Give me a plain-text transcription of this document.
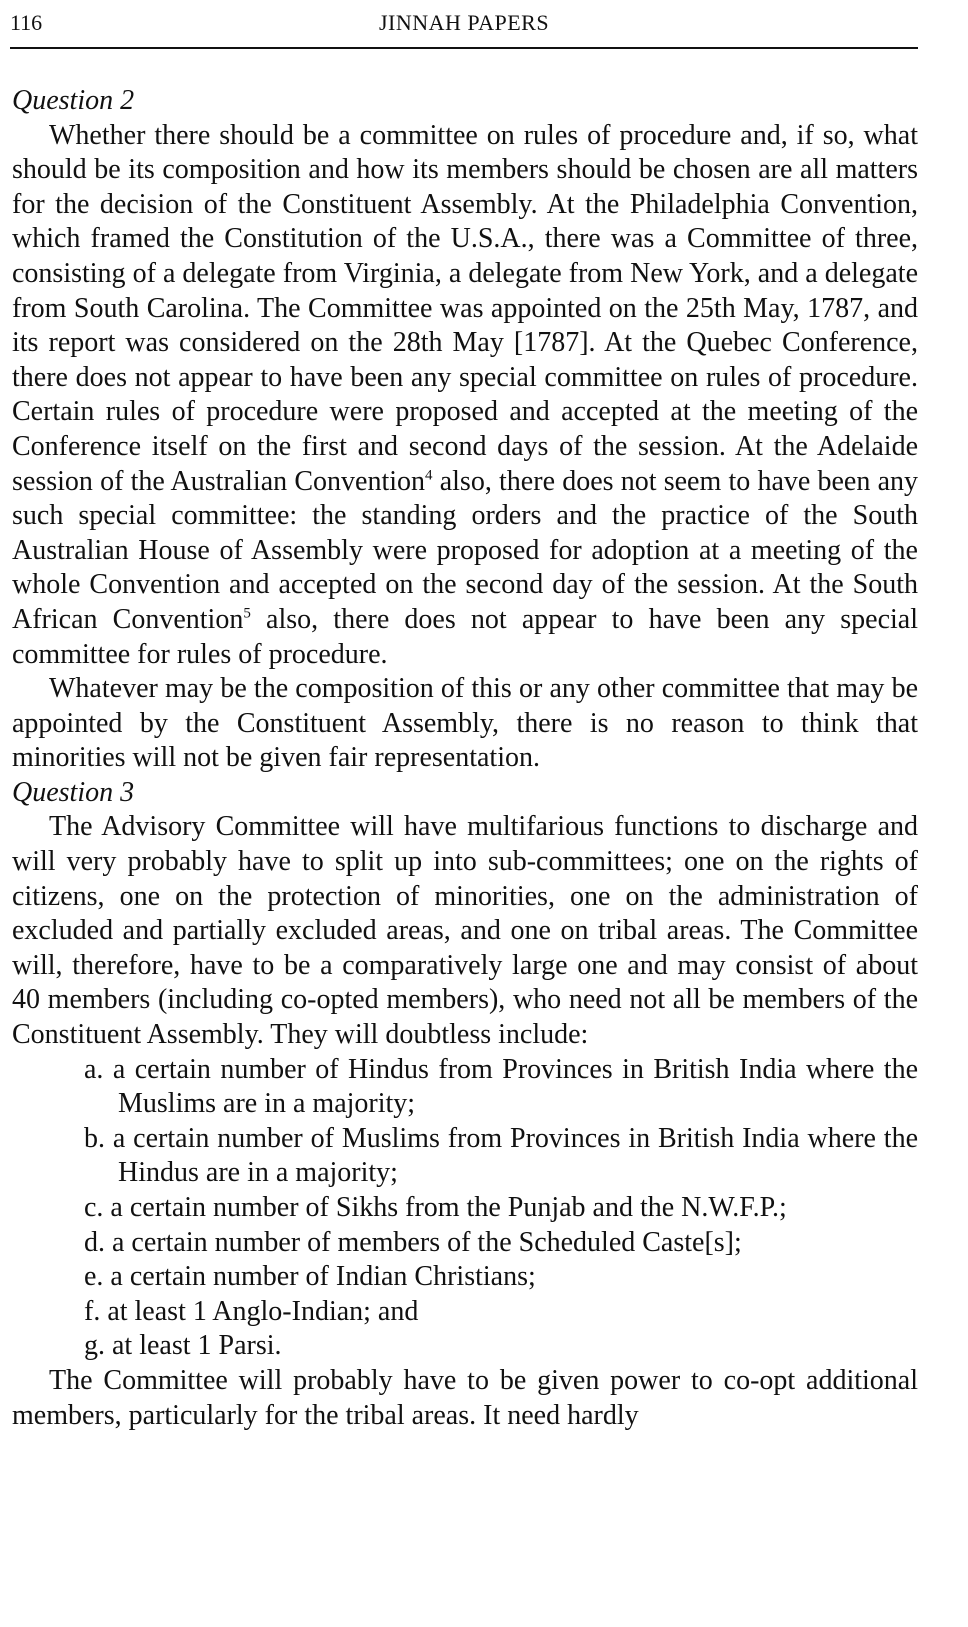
116	JINNAH PAPERS

Question 2

Whether there should be a committee on rules of procedure and, if so, what should be its composition and how its members should be chosen are all matters for the decision of the Constituent Assembly. At the Philadelphia Convention, which framed the Constitution of the U.S.A., there was a Committee of three, consisting of a delegate from Virginia, a delegate from New York, and a delegate from South Carolina. The Committee was appointed on the 25th May, 1787, and its report was considered on the 28th May [1787]. At the Quebec Conference, there does not appear to have been any special committee on rules of procedure. Certain rules of procedure were proposed and accepted at the meeting of the Conference itself on the first and second days of the session. At the Adelaide session of the Australian Convention$^4$ also, there does not seem to have been any such special committee: the standing orders and the practice of the South Australian House of Assembly were proposed for adoption at a meeting of the whole Convention and accepted on the second day of the session. At the South African Convention$^5$ also, there does not appear to have been any special committee for rules of procedure.

Whatever may be the composition of this or any other committee that may be appointed by the Constituent Assembly, there is no reason to think that minorities will not be given fair representation.

Question 3

The Advisory Committee will have multifarious functions to discharge and will very probably have to split up into sub-committees; one on the rights of citizens, one on the protection of minorities, one on the administration of excluded and partially excluded areas, and one on tribal areas. The Committee will, therefore, have to be a comparatively large one and may consist of about 40 members (including co-opted members), who need not all be members of the Constituent Assembly. They will doubtless include:

a. a certain number of Hindus from Provinces in British India where the Muslims are in a majority;
b. a certain number of Muslims from Provinces in British India where the Hindus are in a majority;
c. a certain number of Sikhs from the Punjab and the N.W.F.P.;
d. a certain number of members of the Scheduled Caste[s];
e. a certain number of Indian Christians;
f. at least 1 Anglo-Indian; and
g. at least 1 Parsi.

The Committee will probably have to be given power to co-opt additional members, particularly for the tribal areas. It need hardly
